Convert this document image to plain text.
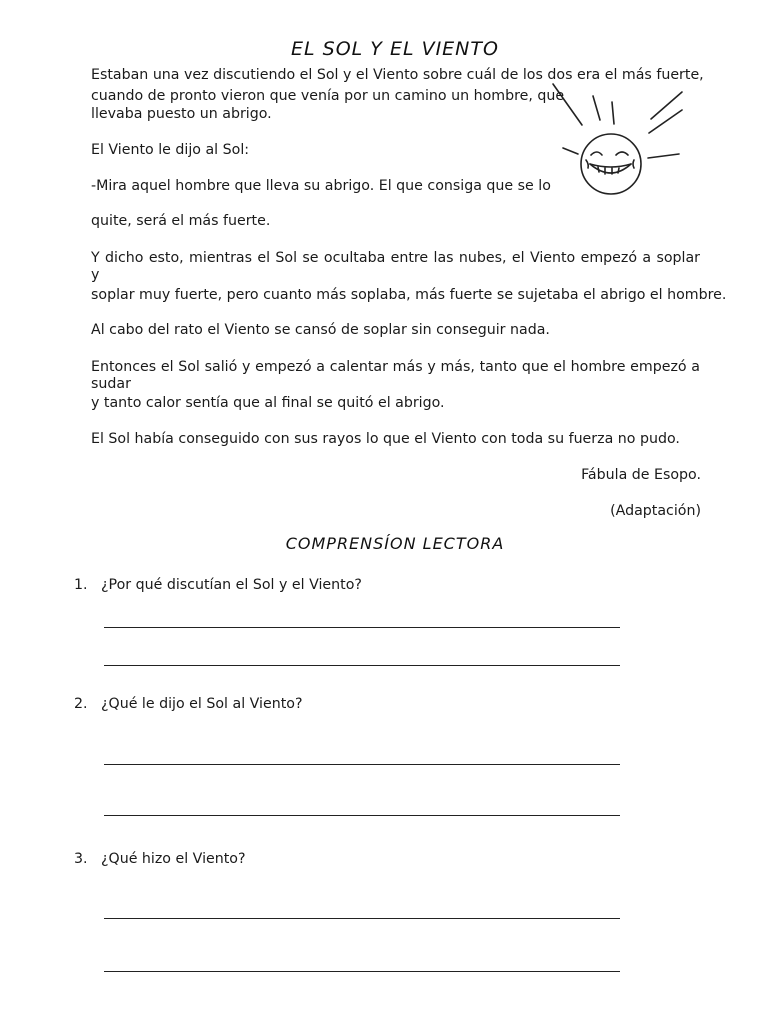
EL SOL Y EL VIENTO

Estaban una vez discutiendo el Sol y el Viento sobre cuál de los dos era el más fuerte,

cuando de pronto vieron que venía por un camino un hombre, que

llevaba puesto un abrigo.

El Viento le dijo al Sol:

-Mira aquel hombre que lleva su abrigo. El que consiga que se lo

quite, será el más fuerte.

Y dicho esto, mientras el Sol se ocultaba entre las nubes, el Viento empezó a soplar y

soplar muy fuerte, pero cuanto más soplaba, más fuerte se sujetaba el abrigo el hombre.

Al cabo del rato el Viento se cansó de soplar sin conseguir nada.

Entonces el Sol salió y empezó a calentar más y más, tanto que el hombre empezó a sudar

y tanto calor sentía que al final se quitó el abrigo.

El Sol había conseguido con sus rayos lo que el Viento con toda su fuerza no pudo.

Fábula de Esopo.

(Adaptación)

COMPRENSÍON LECTORA
1. ¿Por qué discutían el Sol y el Viento?
2. ¿Qué le dijo el Sol al Viento?
3. ¿Qué hizo el Viento?
